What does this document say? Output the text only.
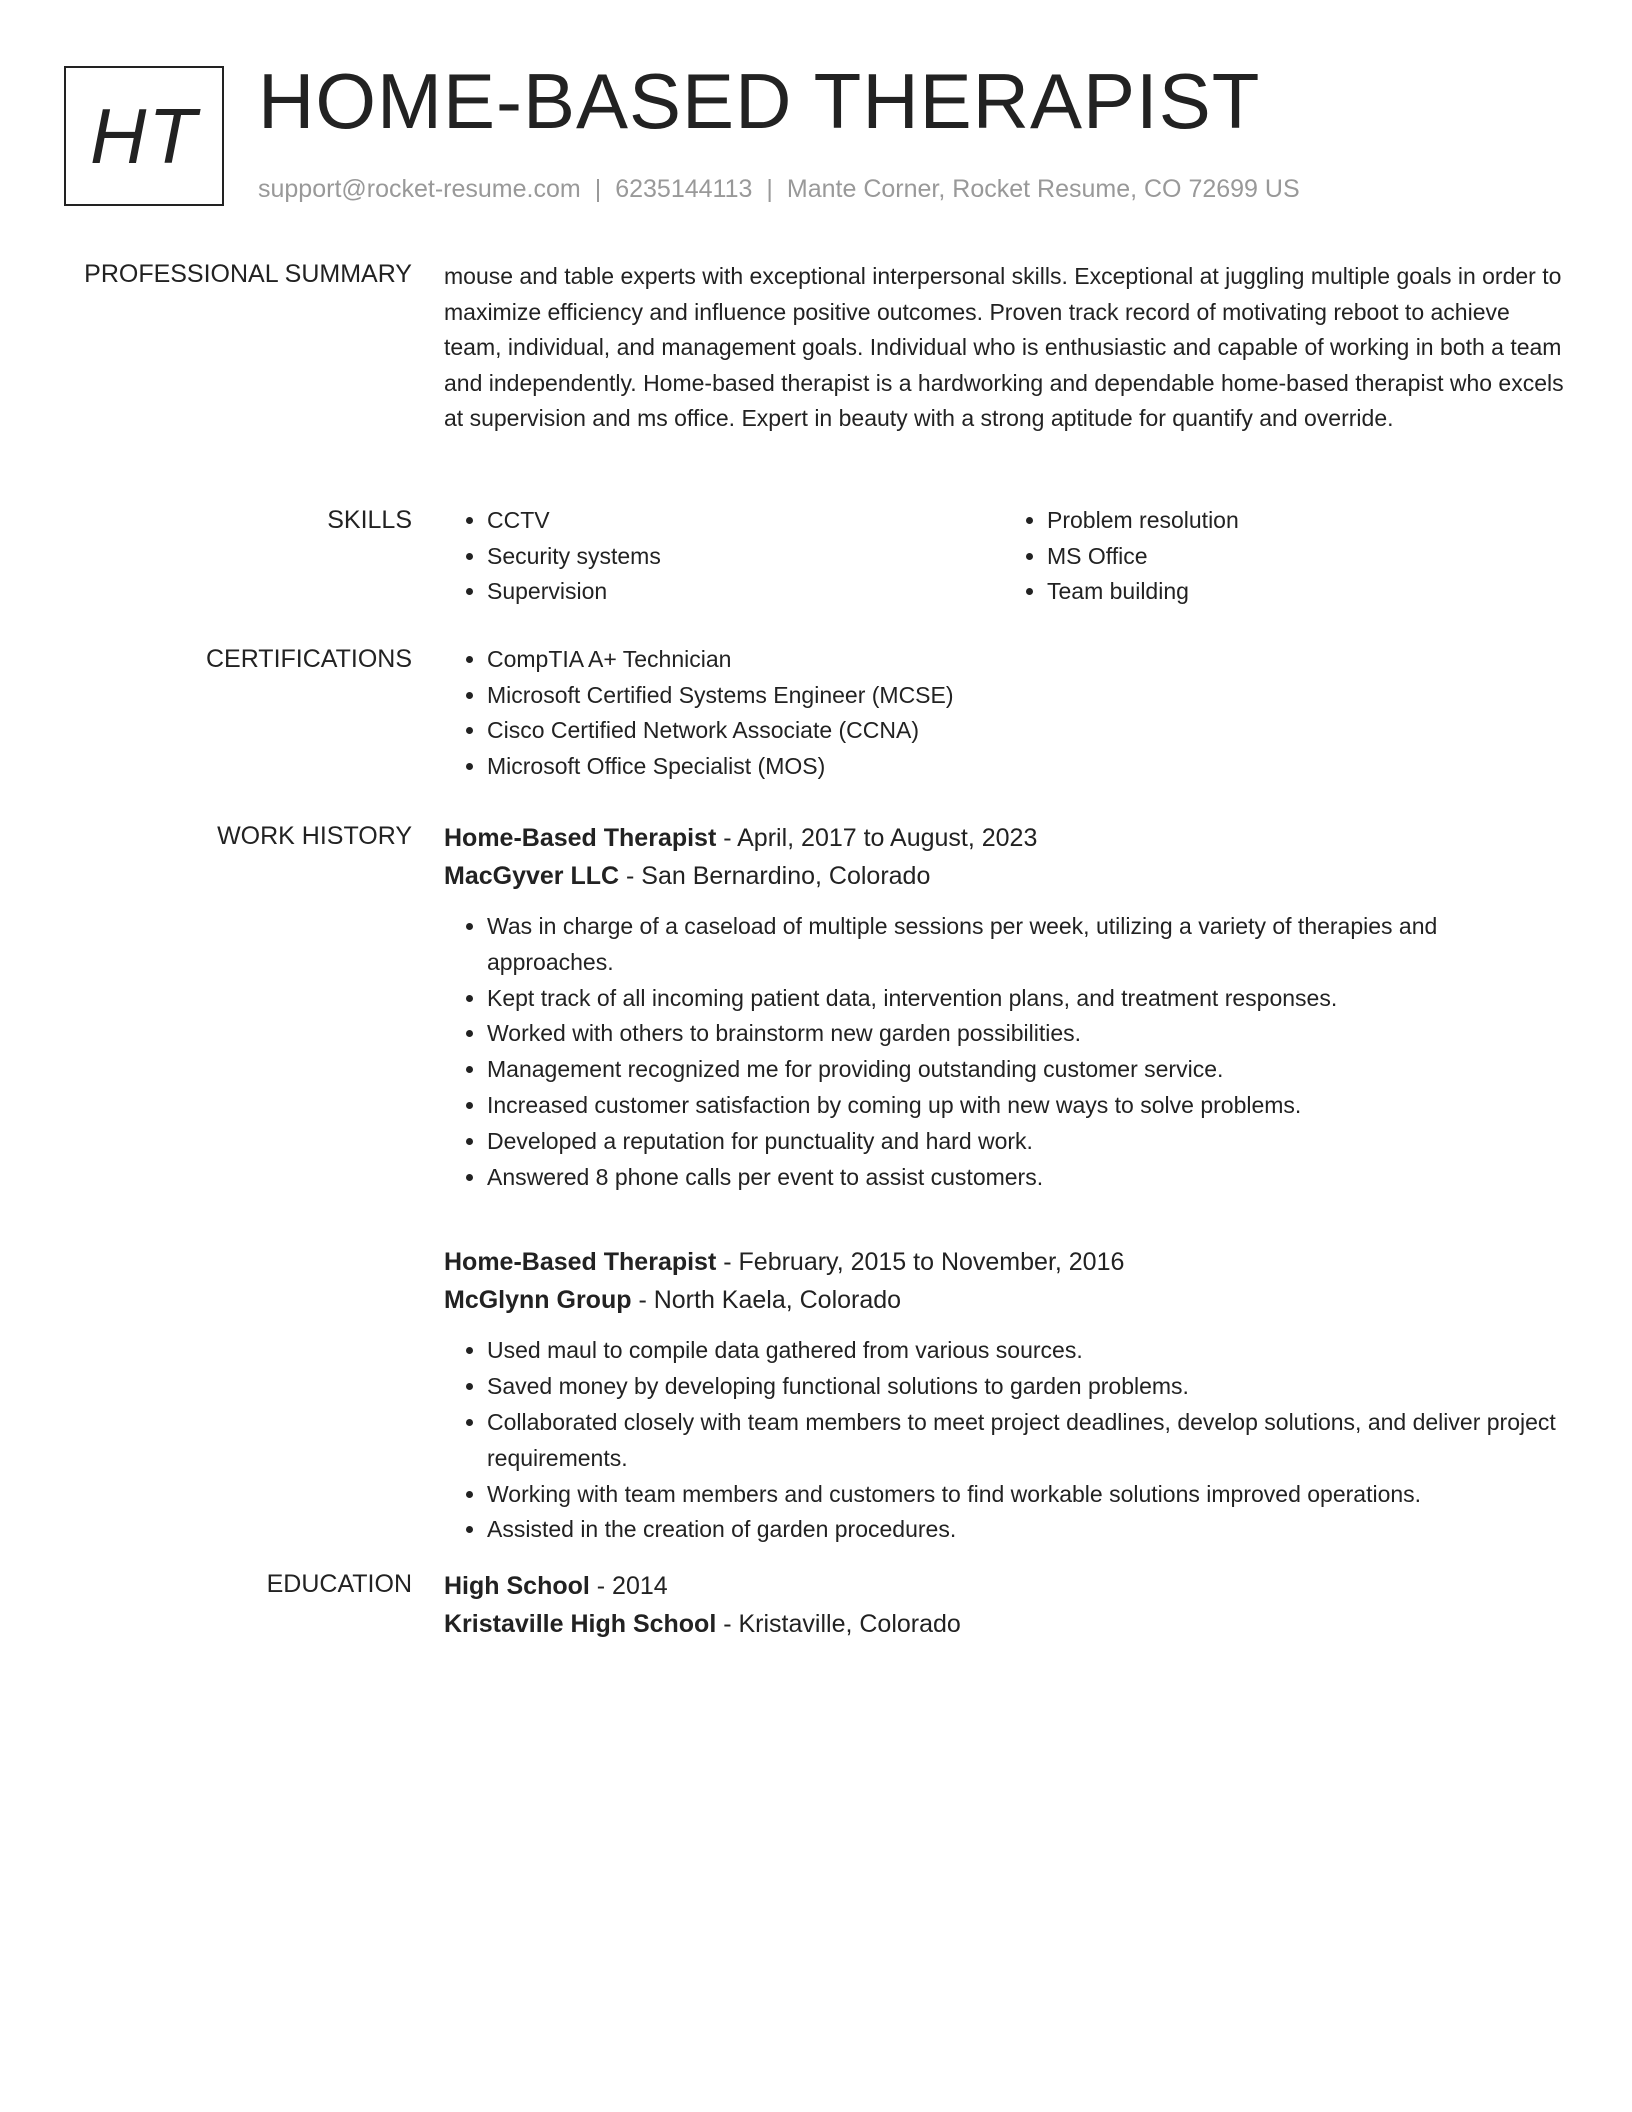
HT HOME-BASED THERAPIST
support@rocket-resume.com | 6235144113 | Mante Corner, Rocket Resume, CO 72699 US
PROFESSIONAL SUMMARY mouse and table experts with exceptional interpersonal skills. Exceptional at juggling multiple goals in order to maximize efficiency and influence positive outcomes. Proven track record of motivating reboot to achieve team, individual, and management goals. Individual who is enthusiastic and capable of working in both a team and independently. Home-based therapist is a hardworking and dependable home-based therapist who excels at supervision and ms office. Expert in beauty with a strong aptitude for quantify and override.

SKILLS	• CCTV
• Security systems
• Supervision
• Problem resolution
• MS Office
• Team building
CERTIFICATIONS	• CompTIA A+ Technician
• Microsoft Certified Systems Engineer (MCSE)
• Cisco Certified Network Associate (CCNA)
• Microsoft Office Specialist (MOS)
WORK HISTORY Home-Based Therapist - April, 2017 to August, 2023
MacGyver LLC - San Bernardino, Colorado
• Was in charge of a caseload of multiple sessions per week, utilizing a variety of therapies and approaches.
• Kept track of all incoming patient data, intervention plans, and treatment responses.
• Worked with others to brainstorm new garden possibilities.
• Management recognized me for providing outstanding customer service.
• Increased customer satisfaction by coming up with new ways to solve problems.
• Developed a reputation for punctuality and hard work.
• Answered 8 phone calls per event to assist customers.
Home-Based Therapist - February, 2015 to November, 2016
McGlynn Group - North Kaela, Colorado
• Used maul to compile data gathered from various sources.
• Saved money by developing functional solutions to garden problems.
• Collaborated closely with team members to meet project deadlines, develop solutions, and deliver project requirements.
• Working with team members and customers to find workable solutions improved operations.
• Assisted in the creation of garden procedures.
EDUCATION High School - 2014
Kristaville High School - Kristaville, Colorado
